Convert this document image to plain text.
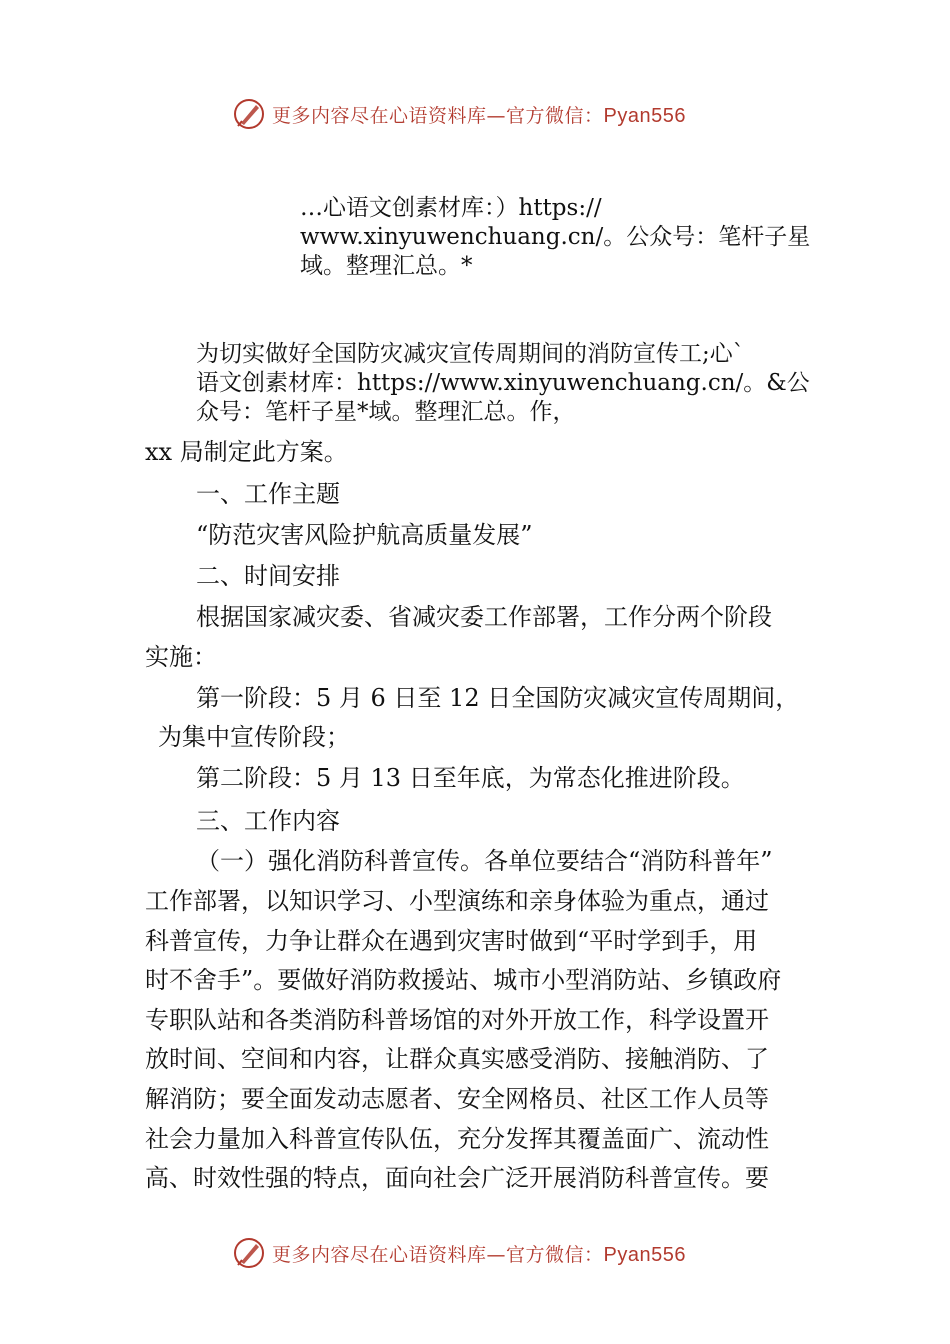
更多内容尽在心语资料库—官方微信：Pyan556
…心语文创素材库：）https://
www.xinyuwenchuang.cn/。公众号：笔杆子星
域。整理汇总。*
为切实做好全国防灾减灾宣传周期间的消防宣传工;心`
语文创素材库：https://www.xinyuwenchuang.cn/。&公
众号：笔杆子星*域。整理汇总。作，
xx 局制定此方案。
一、工作主题
“防范灾害风险护航高质量发展”
二、时间安排
根据国家减灾委、省减灾委工作部署，工作分两个阶段
实施：
第一阶段：5 月 6 日至 12 日全国防灾减灾宣传周期间，
为集中宣传阶段；
第二阶段：5 月 13 日至年底，为常态化推进阶段。
三、工作内容
（一）强化消防科普宣传。各单位要结合“消防科普年”
工作部署，以知识学习、小型演练和亲身体验为重点，通过
科普宣传，力争让群众在遇到灾害时做到“平时学到手，用
时不舍手”。要做好消防救援站、城市小型消防站、乡镇政府
专职队站和各类消防科普场馆的对外开放工作，科学设置开
放时间、空间和内容，让群众真实感受消防、接触消防、了
解消防；要全面发动志愿者、安全网格员、社区工作人员等
社会力量加入科普宣传队伍，充分发挥其覆盖面广、流动性
高、时效性强的特点，面向社会广泛开展消防科普宣传。要
更多内容尽在心语资料库—官方微信：Pyan556
